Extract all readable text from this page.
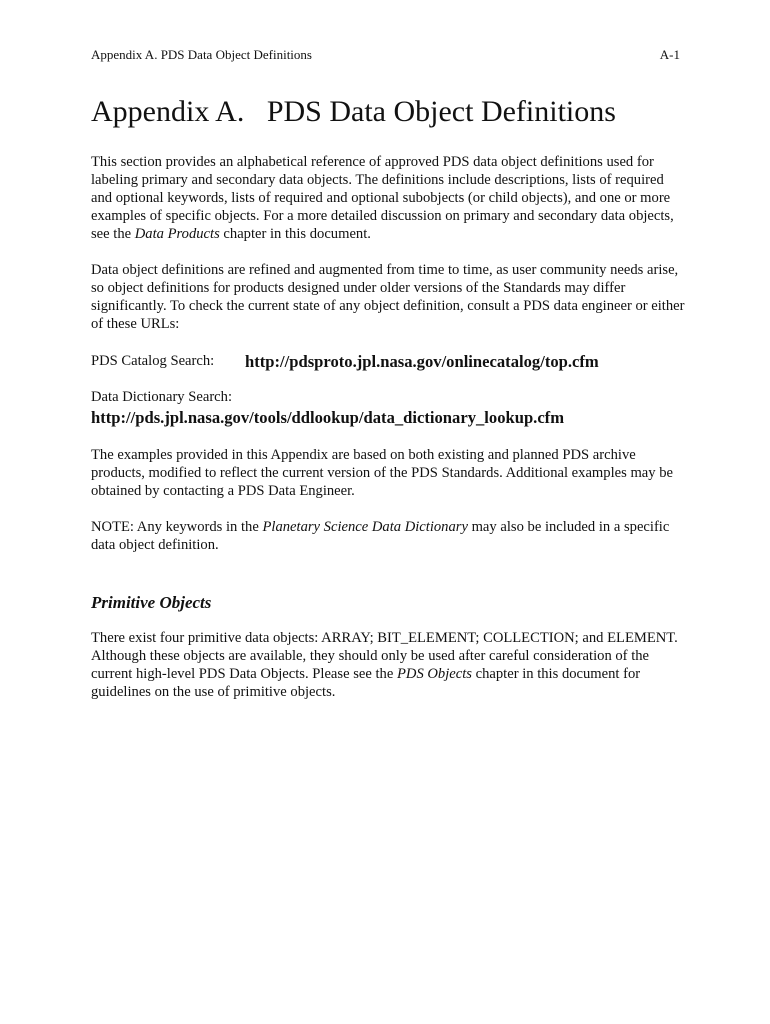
Appendix A. PDS Data Object Definitions	A-1
Appendix A.   PDS Data Object Definitions

This section provides an alphabetical reference of approved PDS data object definitions used for labeling primary and secondary data objects. The definitions include descriptions, lists of required and optional keywords, lists of required and optional subobjects (or child objects), and one or more examples of specific objects. For a more detailed discussion on primary and secondary data objects, see the Data Products chapter in this document.

Data object definitions are refined and augmented from time to time, as user community needs arise, so object definitions for products designed under older versions of the Standards may differ significantly. To check the current state of any object definition, consult a PDS data engineer or either of these URLs:

PDS Catalog Search: http://pdsproto.jpl.nasa.gov/onlinecatalog/top.cfm

Data Dictionary Search:

http://pds.jpl.nasa.gov/tools/ddlookup/data_dictionary_lookup.cfm

The examples provided in this Appendix are based on both existing and planned PDS archive products, modified to reflect the current version of the PDS Standards. Additional examples may be obtained by contacting a PDS Data Engineer.

NOTE: Any keywords in the Planetary Science Data Dictionary may also be included in a specific data object definition.

Primitive Objects

There exist four primitive data objects: ARRAY; BIT_ELEMENT; COLLECTION; and ELEMENT. Although these objects are available, they should only be used after careful consideration of the current high-level PDS Data Objects. Please see the PDS Objects chapter in this document for guidelines on the use of primitive objects.
